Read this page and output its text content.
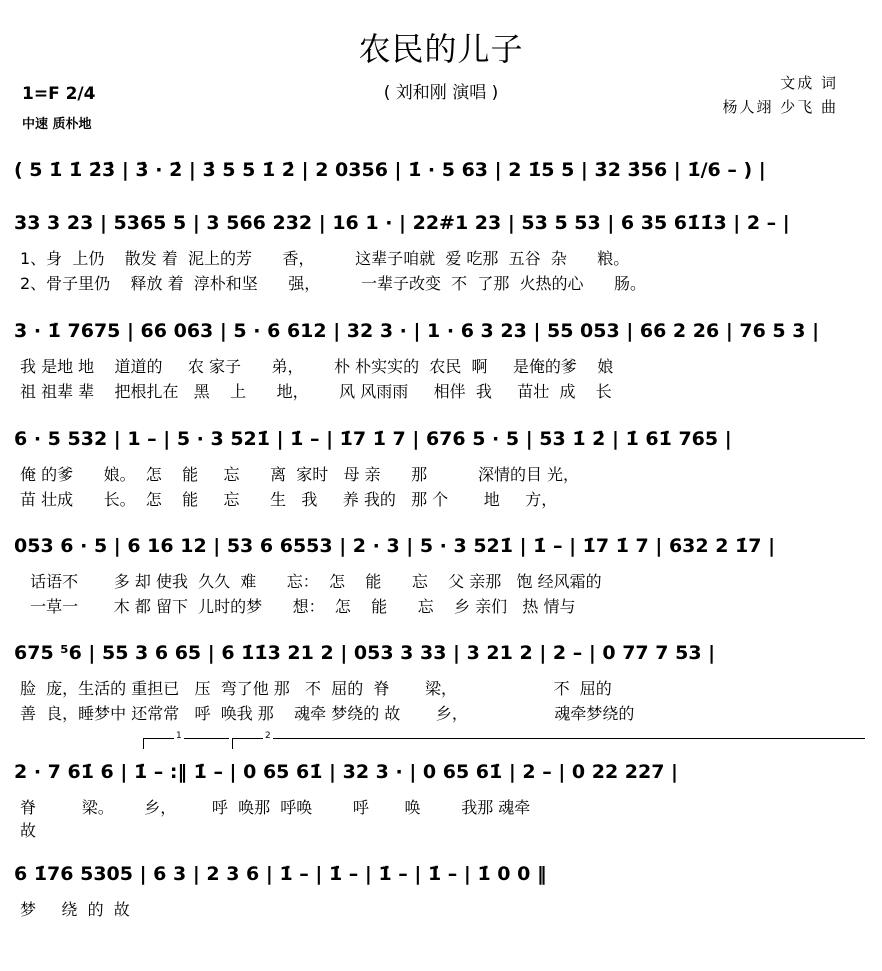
农民的儿子
( 刘和刚 演唱 )
1=F 2/4
中速 质朴地
文成 词
杨人翊 少飞 曲
( 5 1̇ 1̇ 2̇3̇ | 3̇ · 2̇ | 3̇ 5 5 1̇ 2̇ | 2 0356 | 1̇ · 5 63 | 2 1̇5 5 | 3̇2 3̇56 | 1̇/6 – ) |
33 3 23 | 5365 5 | 3 566 232 | 16 1 · | 22#1 23 | 53 5 53 | 6 35 61̇1̇3 | 2 – |
1、身  上仍    散发 着  泥上的芳      香，        这辈子咱就  爱 吃那  五谷  杂      粮。
2、骨子里仍    释放 着  淳朴和坚      强，        一辈子改变  不  了那  火热的心      肠。
3 · 1̇ 7675 | 66 063 | 5 · 6 612 | 32 3 · | 1 · 6 3 23 | 55 053 | 66 2 26 | 76 5 3 |
我 是地 地    道道的     农 家子      弟，      朴 朴实实的  农民  啊     是俺的爹    娘
祖 祖辈 辈    把根扎在   黑    上      地，      风 风雨雨     相伴  我     苗壮  成    长
6 · 5 532 | 1 – | 5 · 3 521̇ | 1̇ – | 1̇7 1̇ 7 | 676 5 · 5 | 53 1̇ 2̇ | 1̇ 61̇ 765 |
俺 的爹      娘。  怎    能     忘      离  家时   母 亲      那          深情的目 光，
苗 壮成      长。  怎    能     忘      生   我     养 我的   那 个       地     方，
053 6 · 5 | 6 16 12 | 53 6 6553 | 2 · 3 | 5 · 3 521̇ | 1̇ – | 1̇7 1̇ 7 | 632 2 1̇7 |
话语不       多 却 使我  久久  难      忘：  怎    能      忘    父 亲那   饱 经风霜的
一草一       木 都 留下  儿时的梦      想：  怎    能      忘    乡 亲们   热 情与
675 ⁵6 | 55 3 6 65 | 6 1̇1̇3 21 2 | 053 3 33 | 3 21 2 | 2 – | 0 77 7 53 |
脸  庞，生活的 重担已   压  弯了他 那   不  屈的  脊       梁，                   不  屈的
善  良，睡梦中 还常常   呼  唤我 那    魂牵 梦绕的 故       乡，                 魂牵梦绕的
1	2
2 · 7 61̇ 6 | 1̇ – :‖ 1̇ – | 0 65 61̇ | 32 3 · | 0 65 61̇ | 2 – | 0 22 227 |
脊         梁。      乡，       呼  唤那  呼唤        呼       唤        我那 魂牵
故
6 1̇76 5305 | 6 3 | 2 3 6 | 1̇ – | 1̇ – | 1̇ – | 1̇ – | 1̇ 0 0 ‖
梦     绕  的  故
